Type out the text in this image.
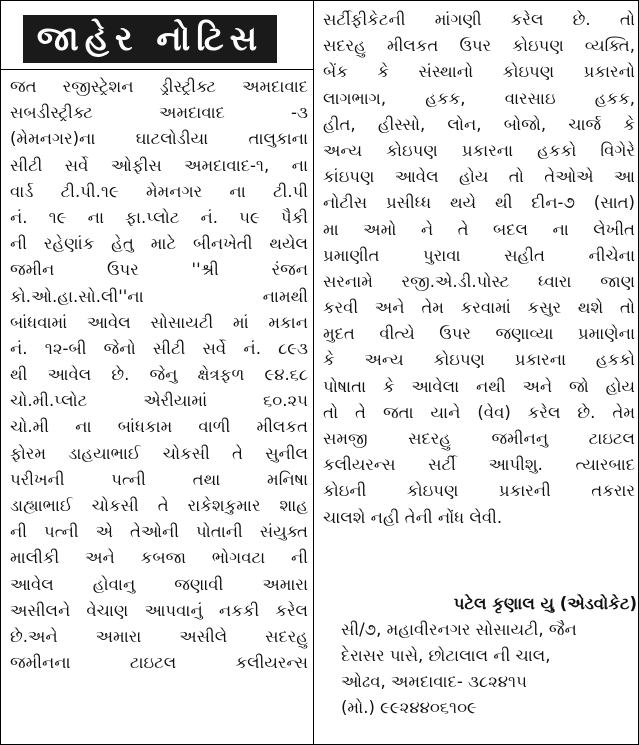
જાહેર નોટિસ
જત રજીસ્ટ્રેશન ડ્રીસ્ટ્રીક્ટ અમદાવાદ
સબડીસ્ટ્રીક્ટ અમદાવાદ -૩
(મેમનગર)ના ઘાટલોડીયા તાલુકાના
સીટી સર્વે ઓફીસ અમદાવાદ-૧, ના
વાર્ડ ટી.પી.૧૯ મેમનગર ના ટી.પી
નં. ૧૯ ના ફા.પ્લોટ નં. ૫૯ પૈકી
ની રહેણાંક હેતુ માટે બીનખેતી થયેલ
જમીન ઉપર ''શ્રી રંજન
કો.ઓ.હા.સો.લી''ના નામથી
બાંધવામાં આવેલ સોસાયટી માં મકાન
નં. ૧૨-બી જેનો સીટી સર્વે નં. ૮૯૩
થી આવેલ છે. જેનુ ક્ષેત્રફળ ૯૪.૬૮
ચો.મી.પ્લોટ એરીયામાં ૬૦.૨૫
ચો.મી ના બાંધકામ વાળી મીલકત
ફોરમ ડાહયાભાઈ ચોકસી તે સુનીલ
પરીખની પત્ની તથા મનિષા
ડાહ્યાભાઈ ચોકસી તે રાકેશકુમાર શાહ
ની પત્ની એ તેઓની પોતાની સંયુક્ત
માલીકી અને કબજા ભોગવટા ની
આવેલ હોવાનુ જણાવી અમારા
અસીલને વેચાણ આપવાનું નકકી કરેલ
છે.અને અમારા અસીલે સદરહુ
જમીનના ટાઇટલ કલીયરન્સ
સર્ટીફીકેટની માંગણી કરેલ છે. તો
સદરહુ મીલકત ઉપર કોઇપણ વ્યક્તિ,
બેંક કે સંસ્થાનો કોઇપણ પ્રકારનો
લાગભાગ, હકક, વારસાઇ હકક,
હીત, હીસ્સો, લોન, બોજો, ચાર્જ કે
અન્ય કોઇપણ પ્રકારના હકકો વિગેરે
કાંઇપણ આવેલ હોય તો તેઓએ આ
નોટીસ પ્રસીધ્ધ થયે થી દીન-૭ (સાત)
મા અમો ને તે બદલ ના લેખીત
પ્રમાણીત પુરાવા સહીત નીચેના
સરનામે રજી.એ.ડી.પોસ્ટ ધ્વારા જાણ
કરવી અને તેમ કરવામાં કસુર થશે તો
મુદત વીત્યે ઉપર જણાવ્યા પ્રમાણેના
કે અન્ય કોઇપણ પ્રકારના હકકો
પોષાતા કે આવેલા નથી અને જો હોય
તો તે જતા યાને (વેવ) કરેલ છે. તેમ
સમજી સદરહુ જમીનનુ ટાઇટલ
કલીયરન્સ સર્ટી આપીશુ. ત્યારબાદ
કોઇની કોઇપણ પ્રકારની તકરાર
ચાલશે નહી તેની નોંધ લેવી.
પટેલ કૃણાલ યુ (એડવોકેટ)
સી/૭, મહાવીરનગર સોસાયટી, જૈન
દેરાસર પાસે, છોટાલાલ ની ચાલ,
ઓઢવ, અમદાવાદ- ૩૮૨૪૧૫
(મો.) ૯૯૨૪૪૦૬૧૦૯
